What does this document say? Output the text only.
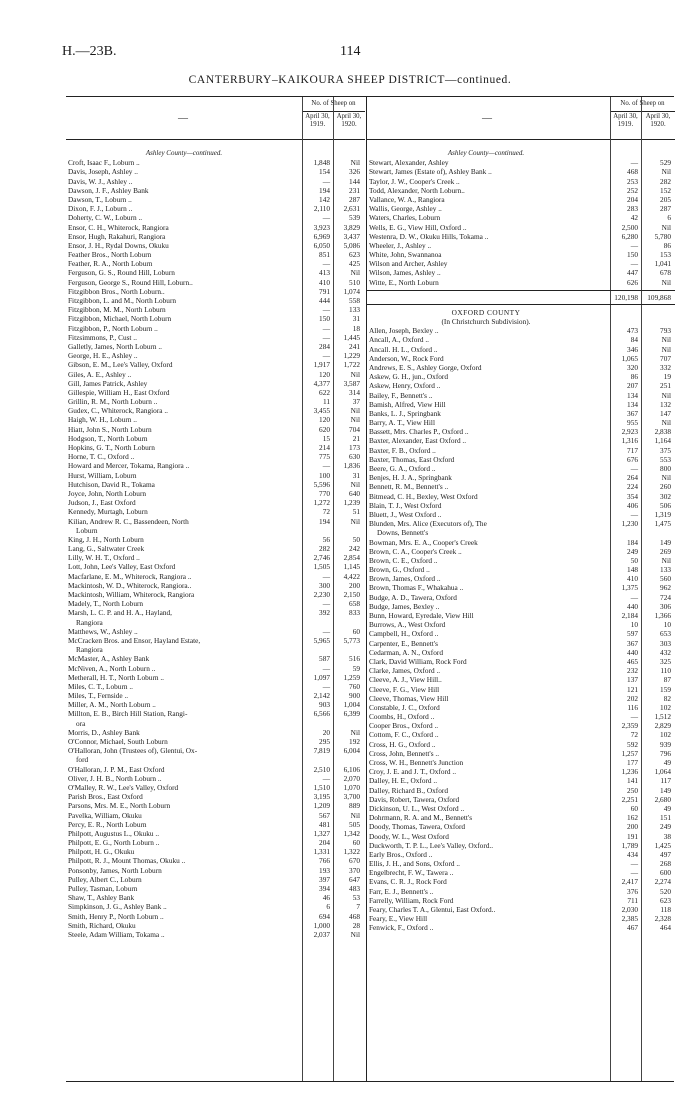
H.—23B.	114
CANTERBURY–KAIKOURA SHEEP DISTRICT—continued.
—
No. of Sheep on
April 30,
1919.
April 30,
1920.
Ashley County—continued.
Croft, Isaac F., Loburn ..	1,848	Nil
Davis, Joseph, Ashley ..	154	326
Davis, W. J., Ashley ..	—	144
Dawson, J. F., Ashley Bank	194	231
Dawson, T., Loburn ..	142	287
Dixon, F. J., Loburn ..	2,110	2,631
Doherty, C. W., Loburn ..	—	539
Ensor, C. H., Whiterock, Rangiora	3,923	3,829
Ensor, Hugh, Rakahuri, Rangiora	6,969	3,437
Ensor, J. H., Rydal Downs, Okuku	6,050	5,086
Feather Bros., North Loburn	851	623
Feather, R. A., North Loburn	—	425
Ferguson, G. S., Round Hill, Loburn	413	Nil
Ferguson, George S., Round Hill, Loburn..	410	510
Fitzgibbon Bros., North Loburn..	791	1,074
Fitzgibbon, L. and M., North Loburn	444	558
Fitzgibbon, M. M., North Loburn	—	133
Fitzgibbon, Michael, North Loburn	150	31
Fitzgibbon, P., North Loburn ..	—	18
Fitzsimmons, P., Cust ..	—	1,445
Galletly, James, North Loburn ..	284	241
George, H. E., Ashley ..	—	1,229
Gibson, E. M., Lee's Valley, Oxford	1,917	1,722
Giles, A. E., Ashley ..	120	Nil
Gill, James Patrick, Ashley	4,377	3,587
Gillespie, William H., East Oxford	622	314
Grillin, R. M., North Loburn ..	11	37
Gudex, C., Whiterock, Rangiora ..	3,455	Nil
Haigh, W. H., Loburn ..	120	Nil
Hiatt, John S., North Loburn	620	704
Hodgson, T., North Loburn	15	21
Hopkins, G. T., North Loburn	214	173
Horne, T. C., Oxford ..	775	630
Howard and Mercer, Tokama, Rangiora ..	—	1,836
Hurst, William, Loburn	100	31
Hutchison, David R., Tokama	5,596	Nil
Joyce, John, North Loburn	770	640
Judson, J., East Oxford	1,272	1,239
Kennedy, Murtagh, Loburn	72	51
Kilian, Andrew R. C., Bassendeen, North	194	Nil
Loburn
King, J. H., North Loburn	56	50
Lang, G., Saltwater Creek	282	242
Lilly, W. H. T., Oxford ..	2,746	2,854
Lott, John, Lee's Valley, East Oxford	1,505	1,145
Macfarlane, E. M., Whiterock, Rangiora ..	—	4,422
Mackintosh, W. D., Whiterock, Rangiora..	300	200
Mackintosh, William, Whiterock, Rangiora	2,230	2,150
Madely, T., North Loburn	—	658
Marsh, L. C. P. and H. A., Hayland,	392	833
Rangiora
Matthews, W., Ashley ..	—	60
McCracken Bros. and Ensor, Hayland Estate,	5,965	5,773
Rangiora
McMaster, A., Ashley Bank	587	516
McNiven, A., North Loburn ..	—	59
Metherall, H. T., North Loburn ..	1,097	1,259
Miles, C. T., Loburn ..	—	760
Miles, T., Fernside ..	2,142	900
Miller, A. M., North Loburn ..	903	1,004
Millton, E. B., Birch Hill Station, Rangi-	6,566	6,399
ora
Morris, D., Ashley Bank	20	Nil
O'Connor, Michael, South Loburn	295	192
O'Halloran, John (Trustees of), Glentui, Ox-	7,819	6,004
ford
O'Halloran, J. P. M., East Oxford	2,510	6,106
Oliver, J. H. B., North Loburn ..	—	2,070
O'Malley, R. W., Lee's Valley, Oxford	1,510	1,070
Parish Bros., East Oxford	3,195	3,700
Parsons, Mrs. M. E., North Loburn	1,209	889
Pavelka, William, Okuku	567	Nil
Percy, E. R., North Loburn	481	505
Philpott, Augustus L., Okuku ..	1,327	1,342
Philpott, E. G., North Loburn ..	204	60
Philpott, H. G., Okuku	1,331	1,322
Philpott, R. J., Mount Thomas, Okuku ..	766	670
Ponsonby, James, North Loburn	193	370
Pulley, Albert C., Loburn	397	647
Pulley, Tasman, Loburn	394	483
Shaw, T., Ashley Bank	46	53
Simpkinson, J. G., Ashley Bank ..	6	7
Smith, Henry P., North Loburn ..	694	468
Smith, Richard, Okuku	1,000	28
Steele, Adam William, Tokama ..	2,037	Nil
—
No. of Sheep on
April 30,
1919.
April 30,
1920.
Ashley County—continued.
Stewart, Alexander, Ashley	—	529
Stewart, James (Estate of), Ashley Bank ..	468	Nil
Taylor, J. W., Cooper's Creek ..	253	282
Todd, Alexander, North Loburn..	252	152
Vallance, W. A., Rangiora	204	205
Wallis, George, Ashley ..	283	287
Waters, Charles, Loburn	42	6
Wells, E. G., View Hill, Oxford ..	2,500	Nil
Westenra, D. W., Okuku Hills, Tokama ..	6,280	5,780
Wheeler, J., Ashley ..	—	86
White, John, Swannanoa	150	153
Wilson and Archer, Ashley	—	1,041
Wilson, James, Ashley ..	447	678
Witte, E., North Loburn	626	Nil
120,198	109,868
OXFORD COUNTY
(In Christchurch Subdivision).
Allen, Joseph, Bexley ..	473	793
Ancall, A., Oxford ..	84	Nil
Ancall. H. L., Oxford ..	346	Nil
Anderson, W., Rock Ford	1,065	707
Andrews, E. S., Ashley Gorge, Oxford	320	332
Askew, G. H., jun., Oxford	86	19
Askew, Henry, Oxford ..	207	251
Bailey, F., Bennett's ..	134	Nil
Bamish, Alfred, View Hill	134	132
Banks, L. J., Springbank	367	147
Barry, A. T., View Hill	955	Nil
Bassett, Mrs. Charles P., Oxford ..	2,923	2,838
Baxter, Alexander, East Oxford ..	1,316	1,164
Baxter, F. B., Oxford ..	717	375
Baxter, Thomas, East Oxford	676	553
Beere, G. A., Oxford ..	—	800
Benjes, H. J. A., Springbank	264	Nil
Bennett, R. M., Bennett's ..	224	260
Bitmead, C. H., Bexley, West Oxford	354	302
Blain, T. J., West Oxford	406	506
Bluett, J., West Oxford ..	—	1,319
Blunden, Mrs. Alice (Executors of), The	1,230	1,475
Downs, Bennett's
Bowman, Mrs. E. A., Cooper's Creek	184	149
Brown, C. A., Cooper's Creek ..	249	269
Brown, C. E., Oxford ..	50	Nil
Brown, G., Oxford ..	148	133
Brown, James, Oxford ..	410	560
Brown, Thomas F., Whakahua ..	1,375	962
Budge, A. D., Tawera, Oxford	—	724
Budge, James, Bexley ..	440	306
Bunn, Howard, Eyredale, View Hill	2,184	1,366
Burrows, A., West Oxford	10	10
Campbell, H., Oxford ..	597	653
Carpenter, E., Bennett's	367	303
Cedarman, A. N., Oxford	440	432
Clark, David William, Rock Ford	465	325
Clarke, James, Oxford ..	232	110
Cleeve, A. J., View Hill..	137	87
Cleeve, F. G., View Hill	121	159
Cleeve, Thomas, View Hill	202	82
Constable, J. C., Oxford	116	102
Coombs, H., Oxford ..	—	1,512
Cooper Bros., Oxford ..	2,359	2,829
Cottom, F. C., Oxford ..	72	102
Cross, H. G., Oxford ..	592	939
Cross, John, Bennett's ..	1,257	796
Cross, W. H., Bennett's Junction	177	49
Croy, J. E. and J. T., Oxford ..	1,236	1,064
Dalley, H. E., Oxford ..	141	117
Dalley, Richard B., Oxford	250	149
Davis, Robert, Tawera, Oxford	2,251	2,680
Dickinson, U. L., West Oxford ..	60	49
Dohrmann, R. A. and M., Bennett's	162	151
Doody, Thomas, Tawera, Oxford	200	249
Doody, W. L., West Oxford	191	38
Duckworth, T. P. L., Lee's Valley, Oxford..	1,789	1,425
Early Bros., Oxford ..	434	497
Ellis, J. H., and Sons, Oxford ..	—	268
Engelbrecht, F. W., Tawera ..	—	600
Evans, C. R. J., Rock Ford	2,417	2,274
Farr, E. J., Bennett's ..	376	520
Farrelly, William, Rock Ford	711	623
Feary, Charles T. A., Glentui, East Oxford..	2,030	118
Feary, E., View Hill	2,385	2,328
Fenwick, F., Oxford ..	467	464
